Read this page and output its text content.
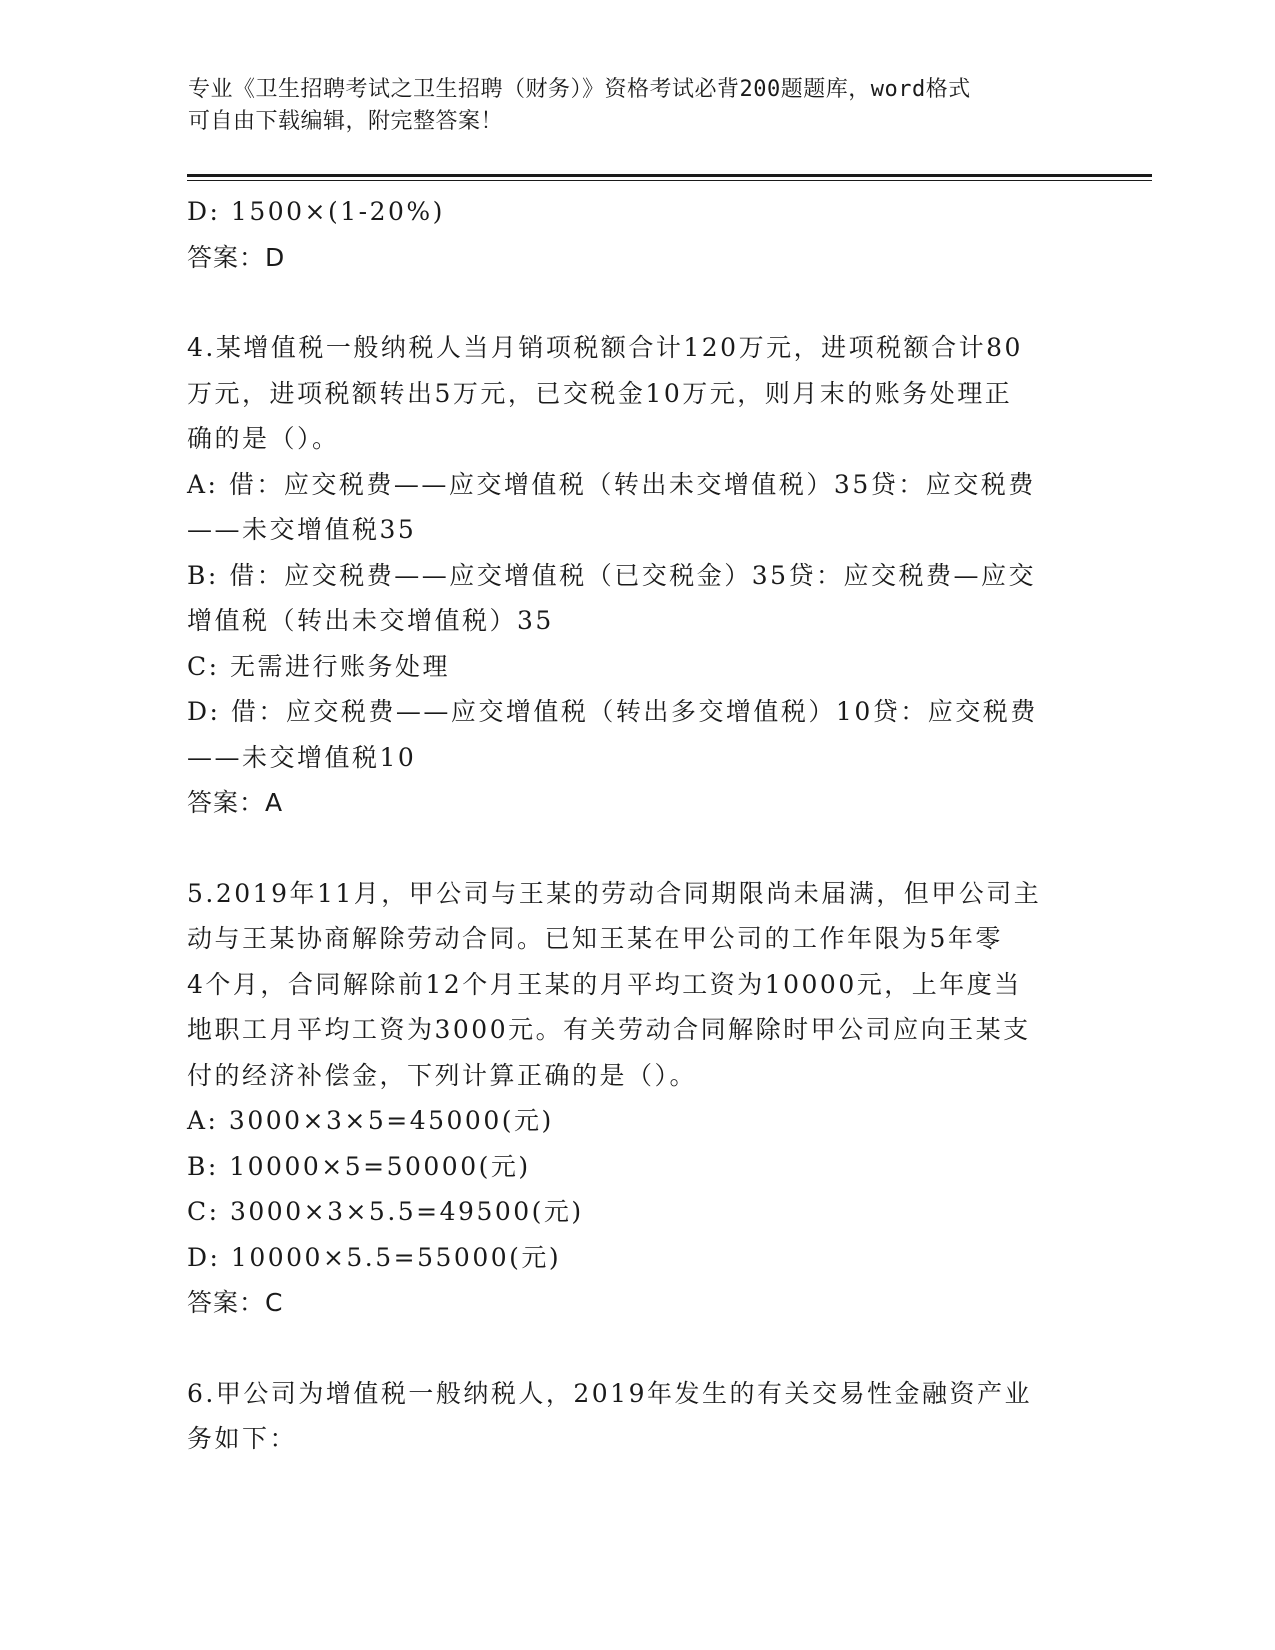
专业《卫生招聘考试之卫生招聘（财务）》资格考试必背200题题库，word格式
可自由下载编辑，附完整答案！

D: 1500×(1-20%)

答案：D

4.某增值税一般纳税人当月销项税额合计120万元，进项税额合计80

万元，进项税额转出5万元，已交税金10万元，则月末的账务处理正

确的是（）。

A: 借：应交税费——应交增值税（转出未交增值税）35贷：应交税费

——未交增值税35

B: 借：应交税费——应交增值税（已交税金）35贷：应交税费—应交

增值税（转出未交增值税）35

C: 无需进行账务处理

D: 借：应交税费——应交增值税（转出多交增值税）10贷：应交税费

——未交增值税10

答案：A

5.2019年11月，甲公司与王某的劳动合同期限尚未届满，但甲公司主

动与王某协商解除劳动合同。已知王某在甲公司的工作年限为5年零

4个月，合同解除前12个月王某的月平均工资为10000元，上年度当

地职工月平均工资为3000元。有关劳动合同解除时甲公司应向王某支

付的经济补偿金，下列计算正确的是（）。

A: 3000×3×5=45000(元)

B: 10000×5=50000(元)

C: 3000×3×5.5=49500(元)

D: 10000×5.5=55000(元)

答案：C

6.甲公司为增值税一般纳税人，2019年发生的有关交易性金融资产业

务如下：
